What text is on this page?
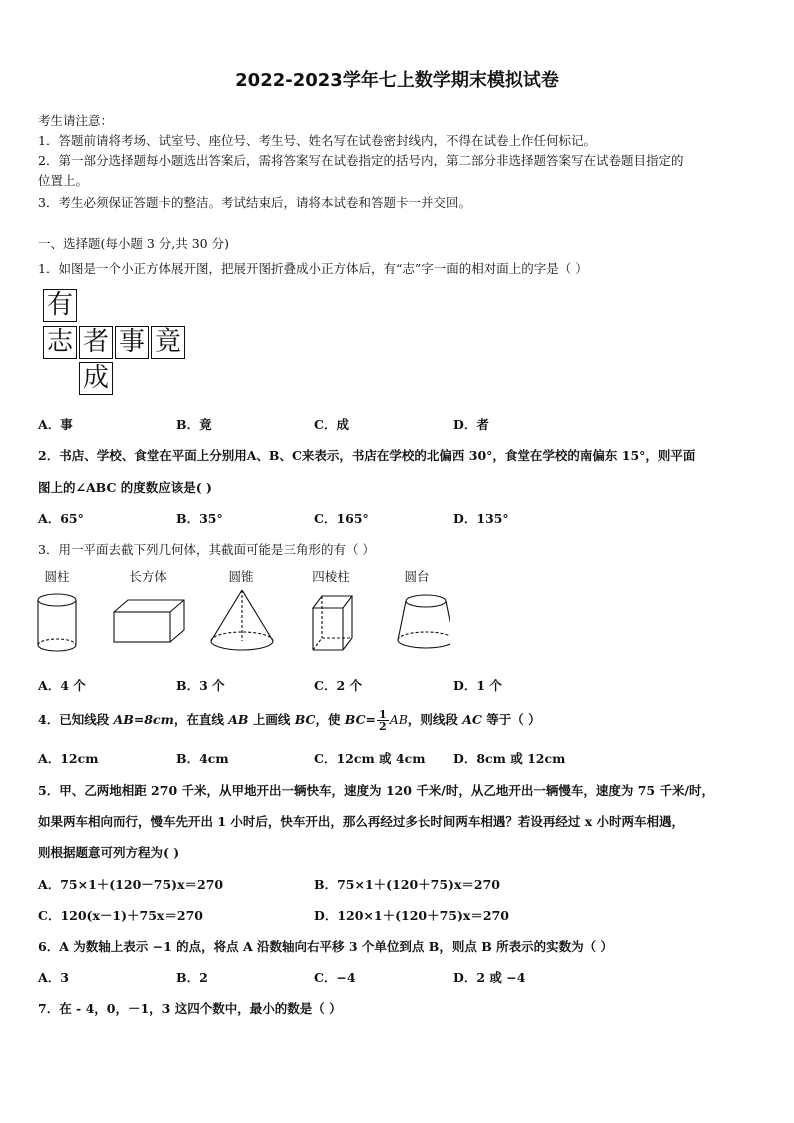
2022-2023学年七上数学期末模拟试卷
考生请注意：
1．答题前请将考场、试室号、座位号、考生号、姓名写在试卷密封线内，不得在试卷上作任何标记。
2．第一部分选择题每小题选出答案后，需将答案写在试卷指定的括号内，第二部分非选择题答案写在试卷题目指定的
位置上。
3．考生必须保证答题卡的整洁。考试结束后，请将本试卷和答题卡一并交回。
一、选择题(每小题 3 分,共 30 分)
1．如图是一个小正方体展开图，把展开图折叠成小正方体后，有“志”字一面的相对面上的字是（ ）
有
志 者 事 竟
成
A．事	B．竟	C．成	D．者
2．书店、学校、食堂在平面上分别用A、B、C来表示，书店在学校的北偏西 30°，食堂在学校的南偏东 15°，则平面
图上的∠ABC 的度数应该是( )
A．65°	B．35°	C．165°	D．135°
3．用一平面去截下列几何体，其截面可能是三角形的有（ ）
圆柱	长方体	圆锥	四棱柱	圆台
A．4 个	B．3 个	C．2 个	D．1 个
4．已知线段 AB=8cm，在直线 AB 上画线 BC，使 $BC= \frac{1}{2}$ AB，则线段 AC 等于（ ）
A．12cm	B．4cm	C．12cm 或 4cm D．8cm 或 12cm
5．甲、乙两地相距 270 千米，从甲地开出一辆快车，速度为 120 千米/时，从乙地开出一辆慢车，速度为 75 千米/时，
如果两车相向而行，慢车先开出 1 小时后，快车开出，那么再经过多长时间两车相遇？若设再经过 x 小时两车相遇，
则根据题意可列方程为( )
A．75×1＋(120－75)x＝270	B．75×1＋(120＋75)x＝270
C．120(x－1)＋75x＝270	D．120×1＋(120＋75)x＝270
6．A 为数轴上表示 −1 的点，将点 A 沿数轴向右平移 3 个单位到点 B，则点 B 所表示的实数为（ ）
A．3	B．2	C．−4	D．2 或 −4
7．在 - 4，0，－1，3 这四个数中，最小的数是（ ）
